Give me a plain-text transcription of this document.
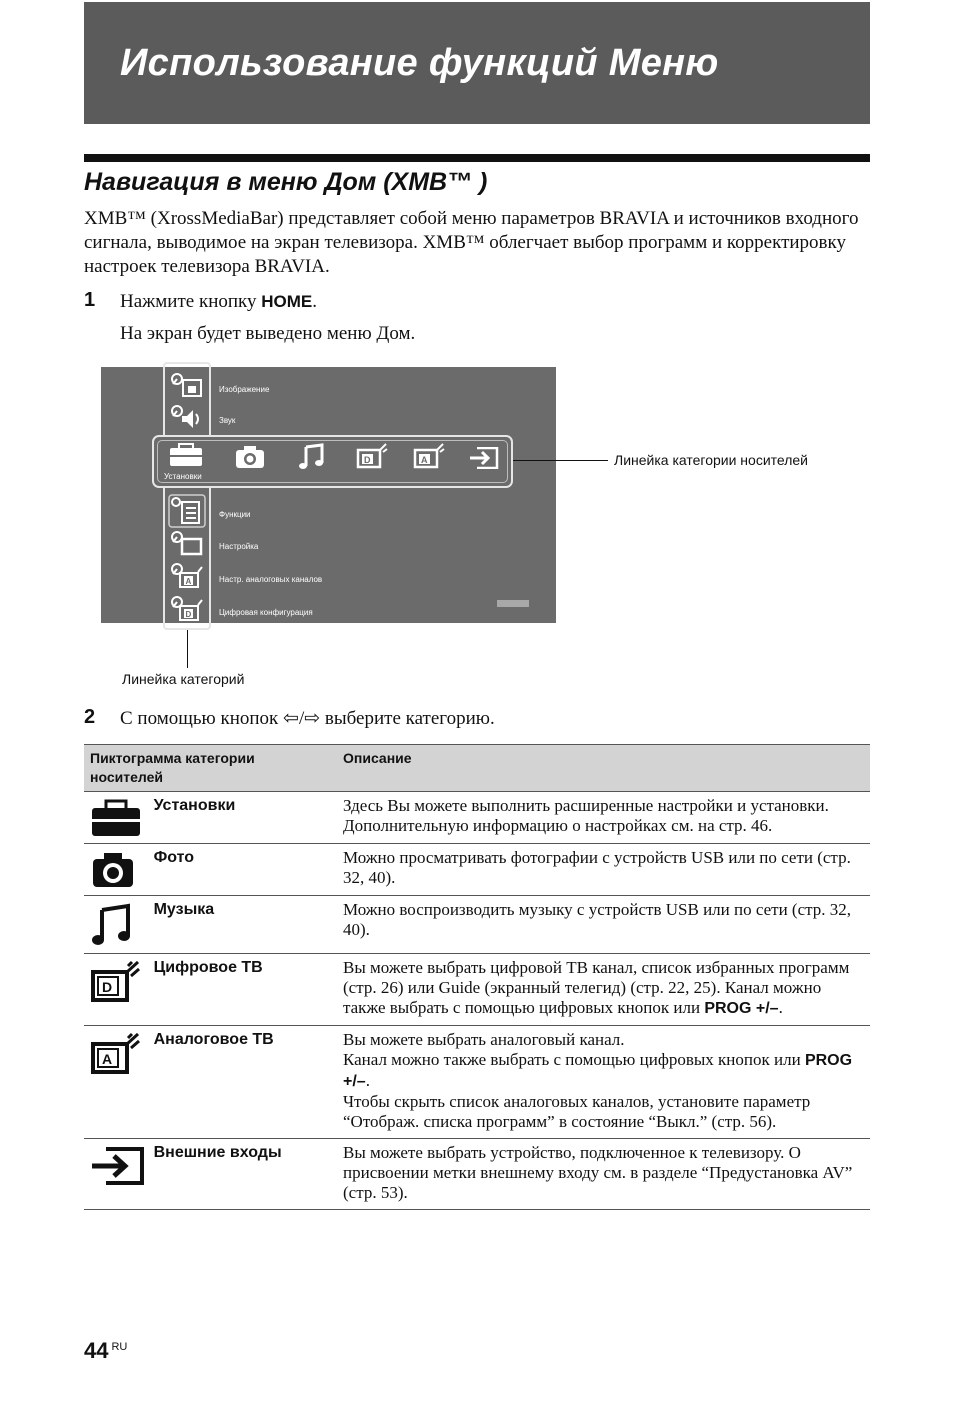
Использование функций Меню
Навигация в меню Дом (XMB™ )
XMB™ (XrossMediaBar) представляет собой меню параметров BRAVIA и источников входного сигнала, выводимое на экран телевизора. XMB™ облегчает выбор программ и корректировку настроек телевизора BRAVIA.
1 Нажмите кнопку HOME.
На экран будет выведено меню Дом.
Изображение
Звук
Установки
D	A
A
D
Функции
Настройка
Настр. аналоговых каналов
Цифровая конфигурация
Линейка категории носителей
Линейка категорий
2 С помощью кнопок ⇦/⇨ выберите категорию.
Пиктограмма категории носителей		Описание
	Установки	Здесь Вы можете выполнить расширенные настройки и установки. Дополнительную информацию о настройках см. на стр. 46.
	Фото	Можно просматривать фотографии с устройств USB или по сети (стр. 32, 40).
	Музыка	Можно воспроизводить музыку с устройств USB или по сети (стр. 32, 40).

D	Цифровое ТВ	Вы можете выбрать цифровой ТВ канал, список избранных программ (стр. 26) или Guide (экранный телегид) (стр. 22, 25). Канал можно также выбрать с помощью цифровых кнопок или PROG +/–.

A	Аналоговое ТВ	Вы можете выбрать аналоговый канал.
Канал можно также выбрать с помощью цифровых кнопок или PROG +/–.
Чтобы скрыть список аналоговых каналов, установите параметр “Отображ. списка программ” в состояние “Выкл.” (стр. 56).
	Внешние входы	Вы можете выбрать устройство, подключенное к телевизору. О присвоении метки внешнему входу см. в разделе “Предустановка AV” (стр. 53).
44 $^{RU}$
